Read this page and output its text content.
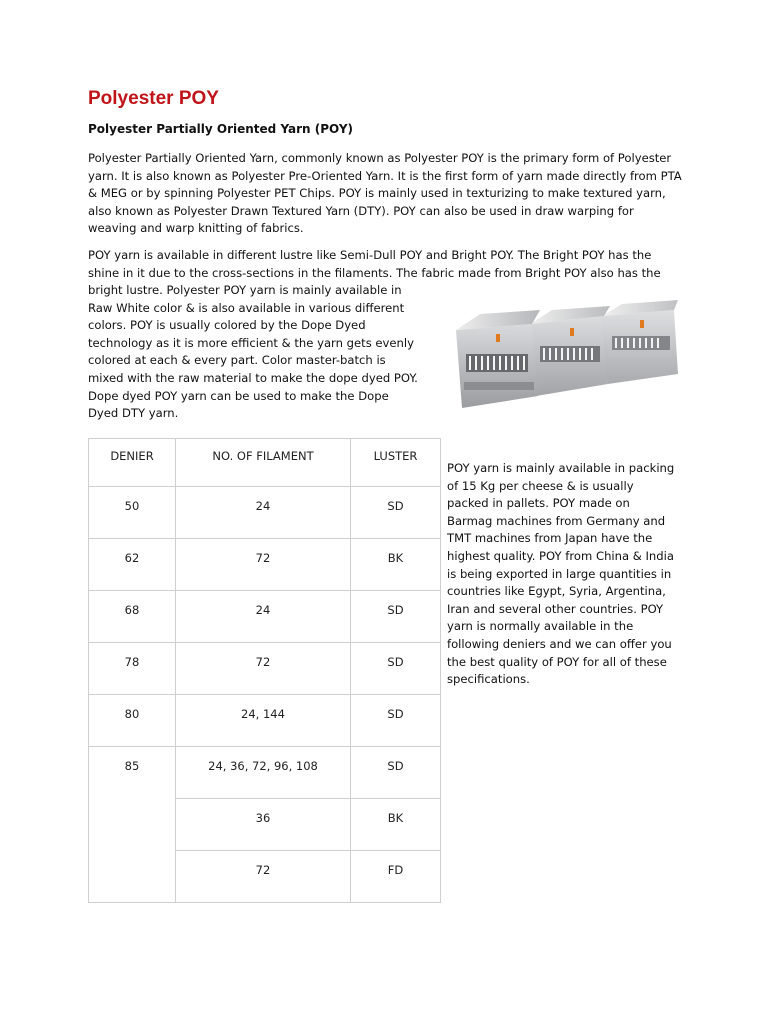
Polyester POY
Polyester Partially Oriented Yarn (POY)

Polyester Partially Oriented Yarn, commonly known as Polyester POY is the primary form of Polyester yarn. It is also known as Polyester Pre-Oriented Yarn. It is the first form of yarn made directly from PTA & MEG or by spinning Polyester PET Chips. POY is mainly used in texturizing to make textured yarn, also known as Polyester Drawn Textured Yarn (DTY). POY can also be used in draw warping for weaving and warp knitting of fabrics.

POY yarn is available in different lustre like Semi-Dull POY and Bright POY. The Bright POY has the shine in it due to the cross-sections in the filaments. The fabric made from Bright POY also has the

bright lustre. Polyester POY yarn is mainly available in Raw White color & is also available in various different colors. POY is usually colored by the Dope Dyed technology as it is more efficient & the yarn gets evenly colored at each & every part. Color master-batch is mixed with the raw material to make the dope dyed POY. Dope dyed POY yarn can be used to make the Dope Dyed DTY yarn.

DENIER	NO. OF FILAMENT	LUSTER
50	24	SD
62	72	BK
68	24	SD
78	72	SD
80	24, 144	SD
85	24, 36, 72, 96, 108	SD
	36	BK
	72	FD

POY yarn is mainly available in packing of 15 Kg per cheese & is usually packed in pallets. POY made on Barmag machines from Germany and TMT machines from Japan have the highest quality. POY from China & India is being exported in large quantities in countries like Egypt, Syria, Argentina, Iran and several other countries. POY yarn is normally available in the following deniers and we can offer you the best quality of POY for all of these specifications.
